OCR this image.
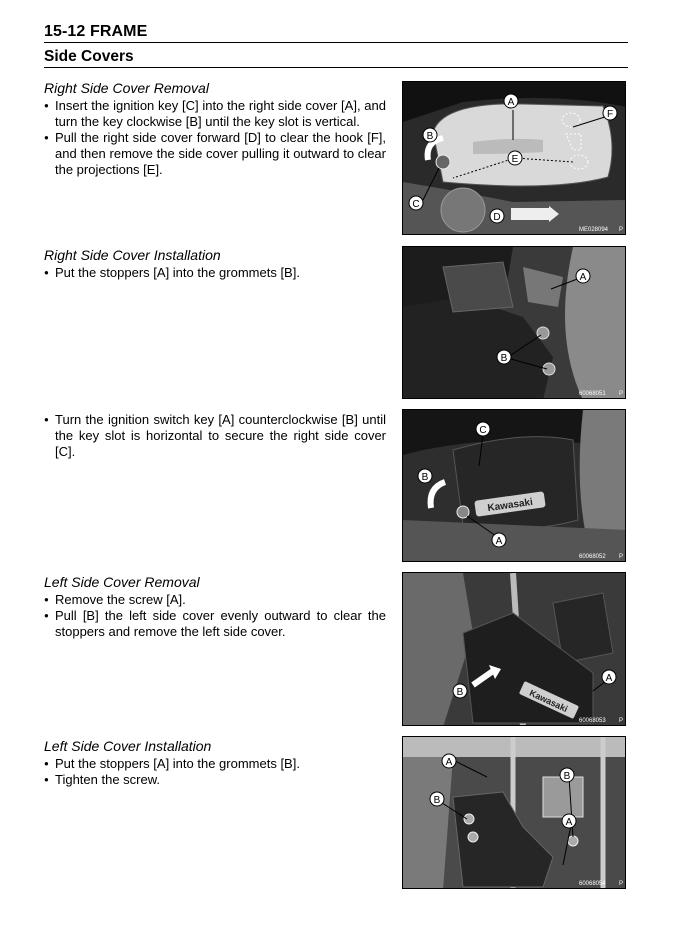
15-12 FRAME
Side Covers
Right Side Cover Removal
● Insert the ignition key [C] into the right side cover [A], and turn the key clockwise [B] until the key slot is vertical.
● Pull the right side cover forward [D] to clear the hook [F], and then remove the side cover pulling it outward to clear the projections [E].
A
B
C
D
E
F
ME028094 P
Right Side Cover Installation
● Put the stoppers [A] into the grommets [B].	A
B
60068051 P
● Turn the ignition switch key [A] counterclockwise [B] until the key slot is horizontal to secure the right side cover [C].
Kawasaki
C
B
A
60068052 P
Left Side Cover Removal
● Remove the screw [A].
● Pull [B] the left side cover evenly outward to clear the stoppers and remove the left side cover.
Kawasaki
A
B
60068053 P
Left Side Cover Installation
● Put the stoppers [A] into the grommets [B].
● Tighten the screw.
A
B
B
A
60068054 P
